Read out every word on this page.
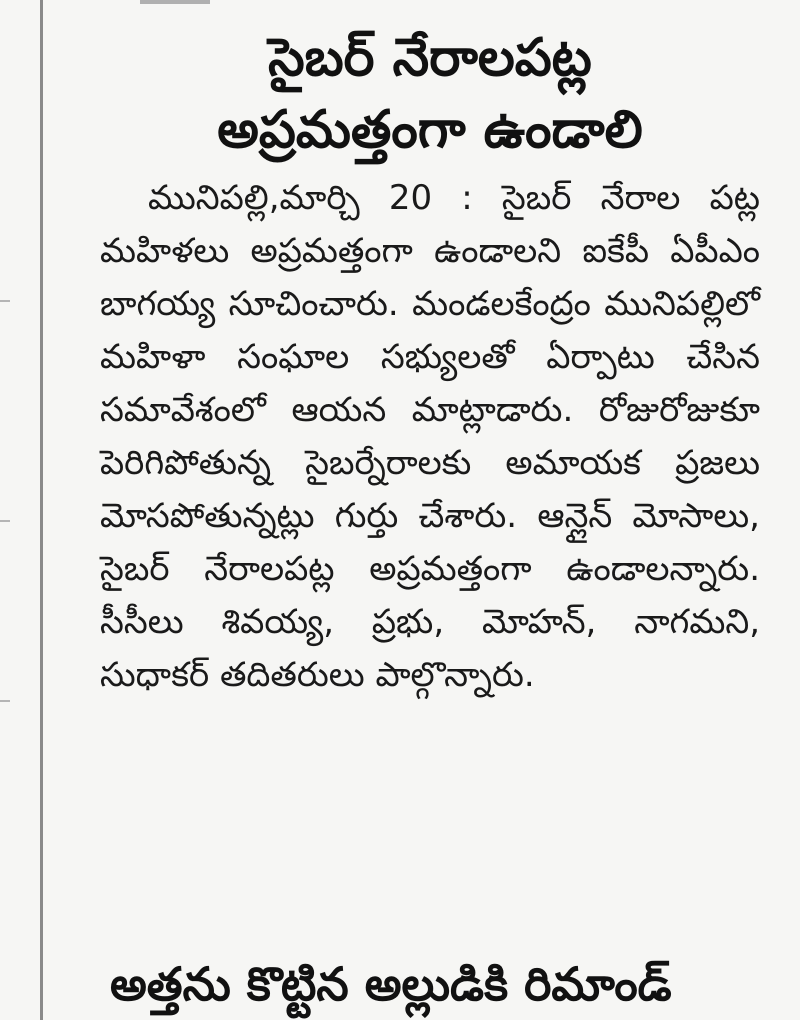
సైబర్ నేరాలపట్ల
అప్రమత్తంగా ఉండాలి

మునిపల్లి,మార్చి 20 : సైబర్ నేరాల పట్ల మహిళలు అప్రమత్తంగా ఉండాలని ఐకేపీ ఏపీఎం బాగయ్య సూచించారు. మండలకేంద్రం మునిపల్లిలో మహిళా సంఘాల సభ్యులతో ఏర్పాటు చేసిన సమావేశంలో ఆయన మాట్లాడారు. రోజురోజుకూ పెరిగిపోతున్న సైబర్నేరాలకు అమాయక ప్రజలు మోసపోతున్నట్లు గుర్తు చేశారు. ఆన్లైన్ మోసాలు, సైబర్ నేరాలపట్ల అప్రమత్తంగా ఉండాలన్నారు. సీసీలు శివయ్య, ప్రభు, మోహన్, నాగమని, సుధాకర్ తదితరులు పాల్గొన్నారు.

అత్తను కొట్టిన అల్లుడికి రిమాండ్
